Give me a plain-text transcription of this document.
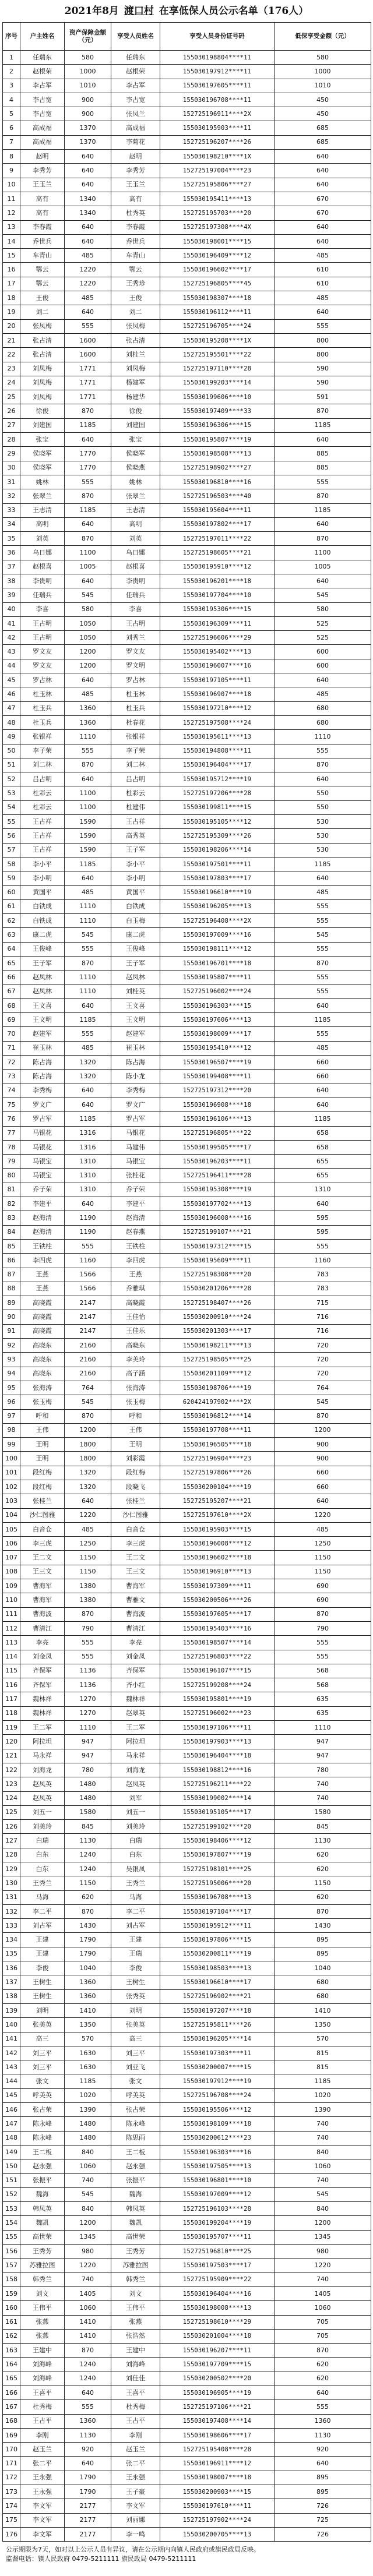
2021年8月 渡口村 在享低保人员公示名单（176人）
序号	户主姓名	资产保障金额（元）	享受人员姓名	享受人员身份证号码	低保享受金额（元）
1	任瑞东	580	任瑞东	155030198804****11	580
2	赵根荣	1000	赵根荣	155030197912****11	1000
3	李占军	1010	李占军	155030197605****11	1010
4	李占宽	900	李占宽	155030196708****11	450
5	李占宽	900	张凤兰	152725196911****2X	450
6	高成福	1370	高成福	155030195903****11	685
7	高成福	1370	李菊花	152725196207****26	685
8	赵明	640	赵明	155030198210****1X	640
9	李秀芳	640	李秀芳	152725197004****23	640
10	王玉兰	640	王玉兰	152725195806****27	640
11	高有	1340	高有	155030195411****13	670
12	高有	1340	杜秀英	152725195703****20	670
13	李春霞	640	李春霞	152725197308****4X	640
14	乔世兵	640	乔世兵	155030198001****15	640
15	车青山	485	车青山	155030196409****12	485
16	鄂云	1220	鄂云	155030196602****17	610
17	鄂云	1220	王秀珍	152725196805****45	610
18	王俊	485	王俊	155030198307****18	485
19	刘二	640	刘二	155030196112****11	640
20	张凤梅	555	张凤梅	152725196705****24	555
21	张占清	1600	张占清	155030195208****1X	800
22	张占清	1600	刘桂兰	152725195501****22	800
23	刘凤梅	1771	刘凤梅	152725197110****28	590
24	刘凤梅	1771	杨建军	155030199203****14	590
25	刘凤梅	1771	杨建华	155030199606****10	591
26	徐俊	870	徐俊	155030197409****33	870
27	刘建国	1185	刘建国	155030196306****15	1185
28	张宝	640	张宝	155030195807****19	640
29	侯晓军	1770	侯晓军	155030198508****13	885
30	侯晓军	1770	侯晓燕	152725198902****27	885
31	姚林	555	姚林	155030196810****16	555
32	张翠兰	870	张翠兰	152725196503****40	870
33	王志清	1185	王志清	155030195604****11	1185
34	高明	640	高明	155030197802****17	640
35	刘英	870	刘英	152725197011****22	870
36	乌日娜	1100	乌日娜	152725198605****21	1100
37	赵根喜	1005	赵根喜	155030195910****12	1005
38	李贵明	640	李贵明	155030196201****18	640
39	任瑞兵	545	任瑞兵	155030197704****10	545
40	李喜	580	李喜	155030195306****15	580
41	王占明	1050	王占明	155030196309****11	525
42	王占明	1050	刘秀兰	152725196606****29	525
43	罗文友	1200	罗文友	155030195402****13	600
44	罗文友	1200	罗文明	155030196007****16	600
45	罗占林	640	罗占林	155030197105****11	640
46	杜玉林	485	杜玉林	155030196907****18	485
47	杜玉兵	1360	杜玉兵	155030197210****12	680
48	杜玉兵	1360	杜春花	152725197508****24	680
49	张银祥	1110	张银祥	155030195611****13	1110
50	李子荣	555	李子荣	155030194808****11	555
51	刘二林	870	刘二林	155030196404****17	870
52	吕占明	640	吕占明	155030195712****19	640
53	杜彩云	1100	杜彩云	152725197206****28	550
54	杜彩云	1100	杜建伟	155030199811****15	550
55	王占祥	1590	王占祥	155030195105****12	530
56	王占祥	1590	高秀英	152725195309****26	530
57	王占祥	1590	王子军	155030198206****14	530
58	李小平	1185	李小平	155030197501****11	1185
59	李小明	640	李小明	155030197803****17	640
60	黄国平	485	黄国平	155030196610****19	485
61	白铁成	1110	白铁成	155030196205****13	555
62	白铁成	1110	白玉梅	152725196408****2X	555
63	康二虎	545	康二虎	155030197009****16	545
64	王俊峰	555	王俊峰	155030198111****12	555
65	王子军	870	王子军	155030196701****18	870
66	赵凤林	1110	赵凤林	155030195807****11	555
67	赵凤林	1110	刘桂英	152725196002****24	555
68	王文喜	640	王文喜	155030196303****15	640
69	王文明	1185	王文明	155030197606****13	1185
70	赵建军	555	赵建军	155030198009****17	555
71	崔玉林	485	崔玉林	155030195410****12	485
72	陈占海	1320	陈占海	155030196507****19	660
73	陈占海	1320	陈小龙	155030199408****11	660
74	李秀梅	640	李秀梅	152725197312****20	640
75	罗文广	640	罗文广	155030196908****18	640
76	罗占军	1185	罗占军	155030196106****13	1185
77	马银花	1316	马银花	152725196805****22	658
78	马银花	1316	马建伟	155030199505****17	658
79	马银宝	1310	马银宝	155030196203****11	655
80	马银宝	1310	张桂花	152725196411****28	655
81	乔子荣	1310	乔子荣	155030195308****19	1310
82	李建平	640	李建平	155030197702****13	640
83	赵海清	1190	赵海清	155030196008****16	595
84	赵海清	1190	赵春燕	152725199107****21	595
85	王铁柱	555	王铁柱	155030197312****15	555
86	李四虎	1160	李四虎	155030195609****11	1160
87	王燕	1566	王燕	152725198308****20	783
88	王燕	1566	乔雅琪	155030201206****28	783
89	高晓霞	2147	高晓霞	152725198407****26	715
90	高晓霞	2147	王佳怡	155030200910****24	716
91	高晓霞	2147	王佳乐	155030201303****17	716
92	高晓东	2160	高晓东	155030198211****13	720
93	高晓东	2160	李美玲	152725198505****25	720
94	高晓东	2160	高子涵	155030201109****12	720
95	张海涛	764	张海涛	155030198706****19	764
96	张玉梅	545	张玉梅	620424197902****2X	545
97	呼和	870	呼和	155030196812****14	870
98	王伟	1200	王伟	155030197708****11	1200
99	王明	1800	王明	155030196505****18	900
100	王明	1800	刘彩霞	152725196904****23	900
101	段红梅	1320	段红梅	152725197806****26	660
102	段红梅	1320	段晓飞	155030200104****19	660
103	张桂兰	640	张桂兰	152725195207****21	640
104	沙仁图雅	1220	沙仁图雅	152725197610****2X	1220
105	白音仓	485	白音仓	155030195903****15	485
106	李三虎	1250	李三虎	155030196008****12	1250
107	王二文	1150	王二文	155030196602****18	1150
108	王三文	1150	王三文	155030196910****13	1150
109	曹海军	1380	曹海军	155030197309****11	690
110	曹海军	1380	曹雅文	155030200506****26	690
111	曹海波	870	曹海波	155030197605****17	870
112	曹清江	790	曹清江	155030195403****16	790
113	李亮	555	李亮	155030198507****14	555
114	刘金凤	555	刘金凤	152725196803****22	555
115	齐保军	1136	齐保军	155030196107****15	568
116	齐保军	1136	齐小红	152725199208****24	568
117	魏林祥	1270	魏林祥	155030195801****19	635
118	魏林祥	1270	赵翠英	152725196002****23	635
119	王二军	1110	王二军	155030197106****11	1110
120	阿拉坦	947	阿拉坦	155030197903****13	947
121	马永祥	947	马永祥	155030196404****18	947
122	刘海龙	780	刘海龙	155030198812****16	780
123	赵凤英	1480	赵凤英	152725196211****22	740
124	赵凤英	1480	刘军	155030199002****14	740
125	刘五一	1580	刘五一	155030195105****17	1580
126	刘美玲	845	刘美玲	152725199102****20	845
127	白瑞	1130	白瑞	155030198406****12	1130
128	白东	1240	白东	155030197807****19	620
129	白东	1240	吴银凤	152725198101****25	620
130	王秀兰	1150	王秀兰	152725195006****20	1150
131	马海	620	马海	155030196708****13	620
132	李二平	870	李二平	155030197104****17	870
133	刘占军	1430	刘占军	155030195912****11	1430
134	王建	1790	王建	155030197806****15	895
135	王建	1790	王瑞	155030200811****19	895
136	李俊	1040	李俊	155030198503****13	1040
137	王树生	1360	王树生	155030196610****17	680
138	王树生	1360	张秀英	152725196902****21	680
139	刘明	1410	刘明	155030197207****18	1410
140	张美英	1350	张美英	152725195811****26	1350
141	高三	570	高三	155030196205****14	570
142	刘三平	1630	刘三平	155030197303****11	815
143	刘三平	1630	刘亚飞	155030200007****15	815
144	张文	1185	张文	155030197912****19	1185
145	呼美英	1020	呼美英	152725196708****24	1020
146	张占荣	1390	张占荣	155030195506****12	1390
147	陈永峰	1480	陈永峰	155030198109****18	740
148	陈永峰	1480	陈思雨	155030200612****23	740
149	王二板	840	王二板	155030196303****16	840
150	赵永强	1060	赵永强	155030197505****13	1060
151	张振平	740	张振平	155030196801****10	740
152	魏海	545	魏海	155030197009****12	545
153	韩凤英	840	韩凤英	152725196103****28	840
154	魏凯	1200	魏凯	155030199204****19	1200
155	高世荣	1345	高世荣	155030195707****11	1345
156	王秀芳	980	王秀芳	152725196810****25	980
157	苏雅拉图	1220	苏雅拉图	155030197503****17	1220
158	韩秀兰	740	韩秀兰	152725195909****22	740
159	刘文	1405	刘文	155030196404****16	1405
160	王伟平	1060	王伟平	155030198008****13	1060
161	张燕	1410	张燕	152725198610****29	705
162	张燕	1410	张浩然	155030201004****18	705
163	王建中	870	王建中	155030196207****11	870
164	刘海峰	1240	刘海峰	155030197709****15	620
165	刘海峰	1240	刘佳佳	155030200502****20	620
166	王喜平	640	王喜平	155030196905****19	640
167	杜秀梅	555	杜秀梅	152725197106****21	555
168	王占平	1360	王占平	155030197408****14	1360
169	李刚	1130	李刚	155030198606****17	1130
170	赵玉兰	920	赵玉兰	152725195408****28	920
171	张二平	640	张二平	155030196911****12	640
172	王永强	1790	王永强	155030198007****18	895
173	王永强	1790	王子豪	155030200903****15	895
174	李文军	2177	李文军	155030197610****11	726
175	李文军	2177	刘丽娜	152725197902****24	725
176	李文军	2177	李一鸣	155030200705****13	726
公示期限为7天，如对以上公示人员有异议，请在公示期内向镇人民政府或旗民政局反映。
监督电话：镇人民政府 0479-5211111 旗民政局 0479-5211111
